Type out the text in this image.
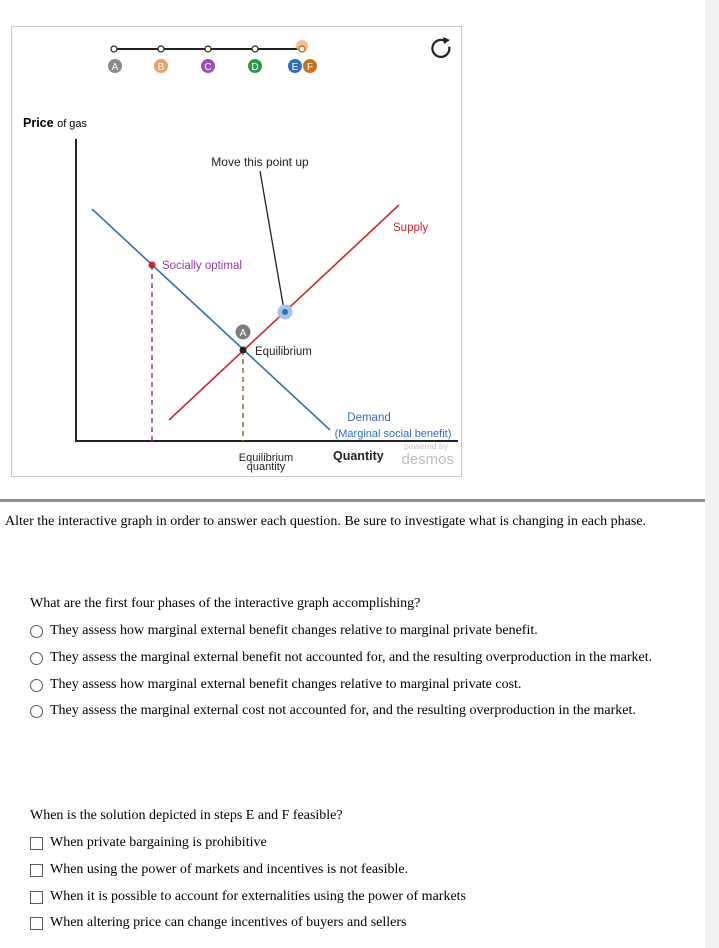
A	B	C	D	E F
Price of gas
A
Move this point up
Supply
Socially optimal
Equilibrium
Demand
(Marginal social benefit)
Equilibrium
quantity
Quantity
powered by
desmos
Alter the interactive graph in order to answer each question. Be sure to investigate what is changing in each phase.
What are the first four phases of the interactive graph accomplishing?
They assess how marginal external benefit changes relative to marginal private benefit.
They assess the marginal external benefit not accounted for, and the resulting overproduction in the market.
They assess how marginal external benefit changes relative to marginal private cost.
They assess the marginal external cost not accounted for, and the resulting overproduction in the market.
When is the solution depicted in steps E and F feasible?
When private bargaining is prohibitive
When using the power of markets and incentives is not feasible.
When it is possible to account for externalities using the power of markets
When altering price can change incentives of buyers and sellers
